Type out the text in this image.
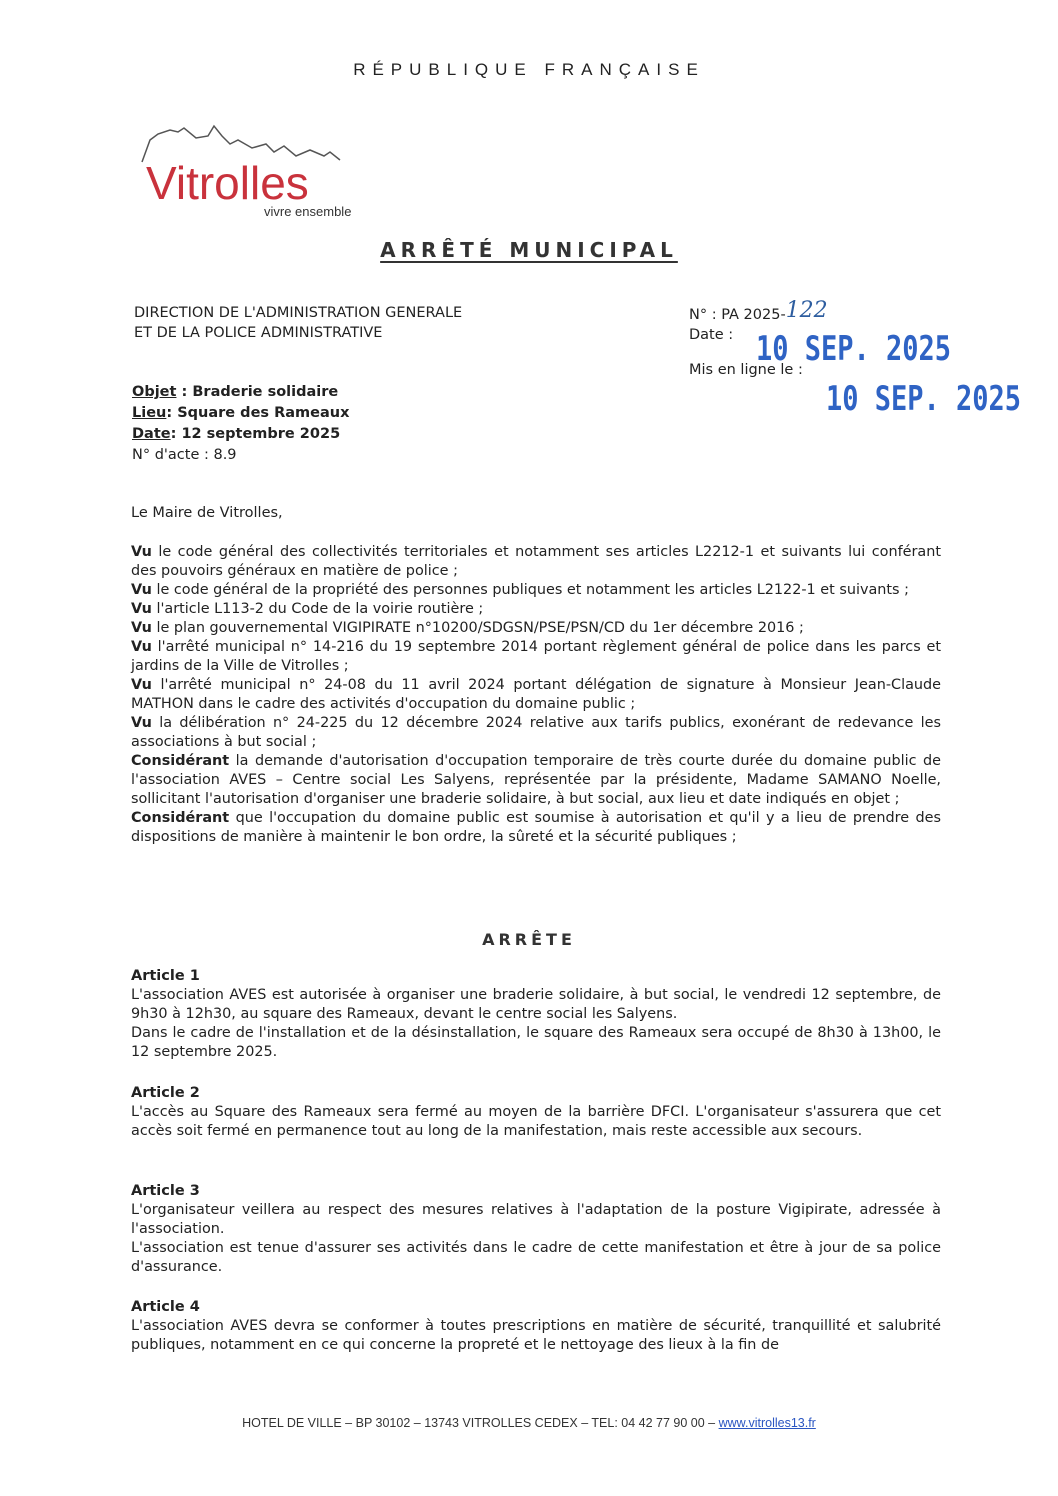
RÉPUBLIQUE FRANÇAISE
Vitrolles
vivre ensemble
ARRÊTÉ MUNICIPAL
DIRECTION DE L'ADMINISTRATION GENERALE
ET DE LA POLICE ADMINISTRATIVE
N° : PA 2025-122
Date : 10 SEP. 2025
Mis en ligne le :
10 SEP. 2025
Objet : Braderie solidaire
Lieu: Square des Rameaux
Date: 12 septembre 2025
N° d'acte : 8.9
Le Maire de Vitrolles,

Vu le code général des collectivités territoriales et notamment ses articles L2212-1 et suivants lui conférant des pouvoirs généraux en matière de police ;

Vu le code général de la propriété des personnes publiques et notamment les articles L2122-1 et suivants ;

Vu l'article L113-2 du Code de la voirie routière ;

Vu le plan gouvernemental VIGIPIRATE n°10200/SDGSN/PSE/PSN/CD du 1er décembre 2016 ;

Vu l'arrêté municipal n° 14-216 du 19 septembre 2014 portant règlement général de police dans les parcs et jardins de la Ville de Vitrolles ;

Vu l'arrêté municipal n° 24-08 du 11 avril 2024 portant délégation de signature à Monsieur Jean-Claude MATHON dans le cadre des activités d'occupation du domaine public ;

Vu la délibération n° 24-225 du 12 décembre 2024 relative aux tarifs publics, exonérant de redevance les associations à but social ;

Considérant la demande d'autorisation d'occupation temporaire de très courte durée du domaine public de l'association AVES – Centre social Les Salyens, représentée par la présidente, Madame SAMANO Noelle, sollicitant l'autorisation d'organiser une braderie solidaire, à but social, aux lieu et date indiqués en objet ;

Considérant que l'occupation du domaine public est soumise à autorisation et qu'il y a lieu de prendre des dispositions de manière à maintenir le bon ordre, la sûreté et la sécurité publiques ;

ARRÊTE
Article 1

L'association AVES est autorisée à organiser une braderie solidaire, à but social, le vendredi 12 septembre, de 9h30 à 12h30, au square des Rameaux, devant le centre social les Salyens.

Dans le cadre de l'installation et de la désinstallation, le square des Rameaux sera occupé de 8h30 à 13h00, le 12 septembre 2025.

Article 2

L'accès au Square des Rameaux sera fermé au moyen de la barrière DFCI. L'organisateur s'assurera que cet accès soit fermé en permanence tout au long de la manifestation, mais reste accessible aux secours.

Article 3

L'organisateur veillera au respect des mesures relatives à l'adaptation de la posture Vigipirate, adressée à l'association.

L'association est tenue d'assurer ses activités dans le cadre de cette manifestation et être à jour de sa police d'assurance.

Article 4

L'association AVES devra se conformer à toutes prescriptions en matière de sécurité, tranquillité et salubrité publiques, notamment en ce qui concerne la propreté et le nettoyage des lieux à la fin de

HOTEL DE VILLE – BP 30102 – 13743 VITROLLES CEDEX – TEL: 04 42 77 90 00 – www.vitrolles13.fr
